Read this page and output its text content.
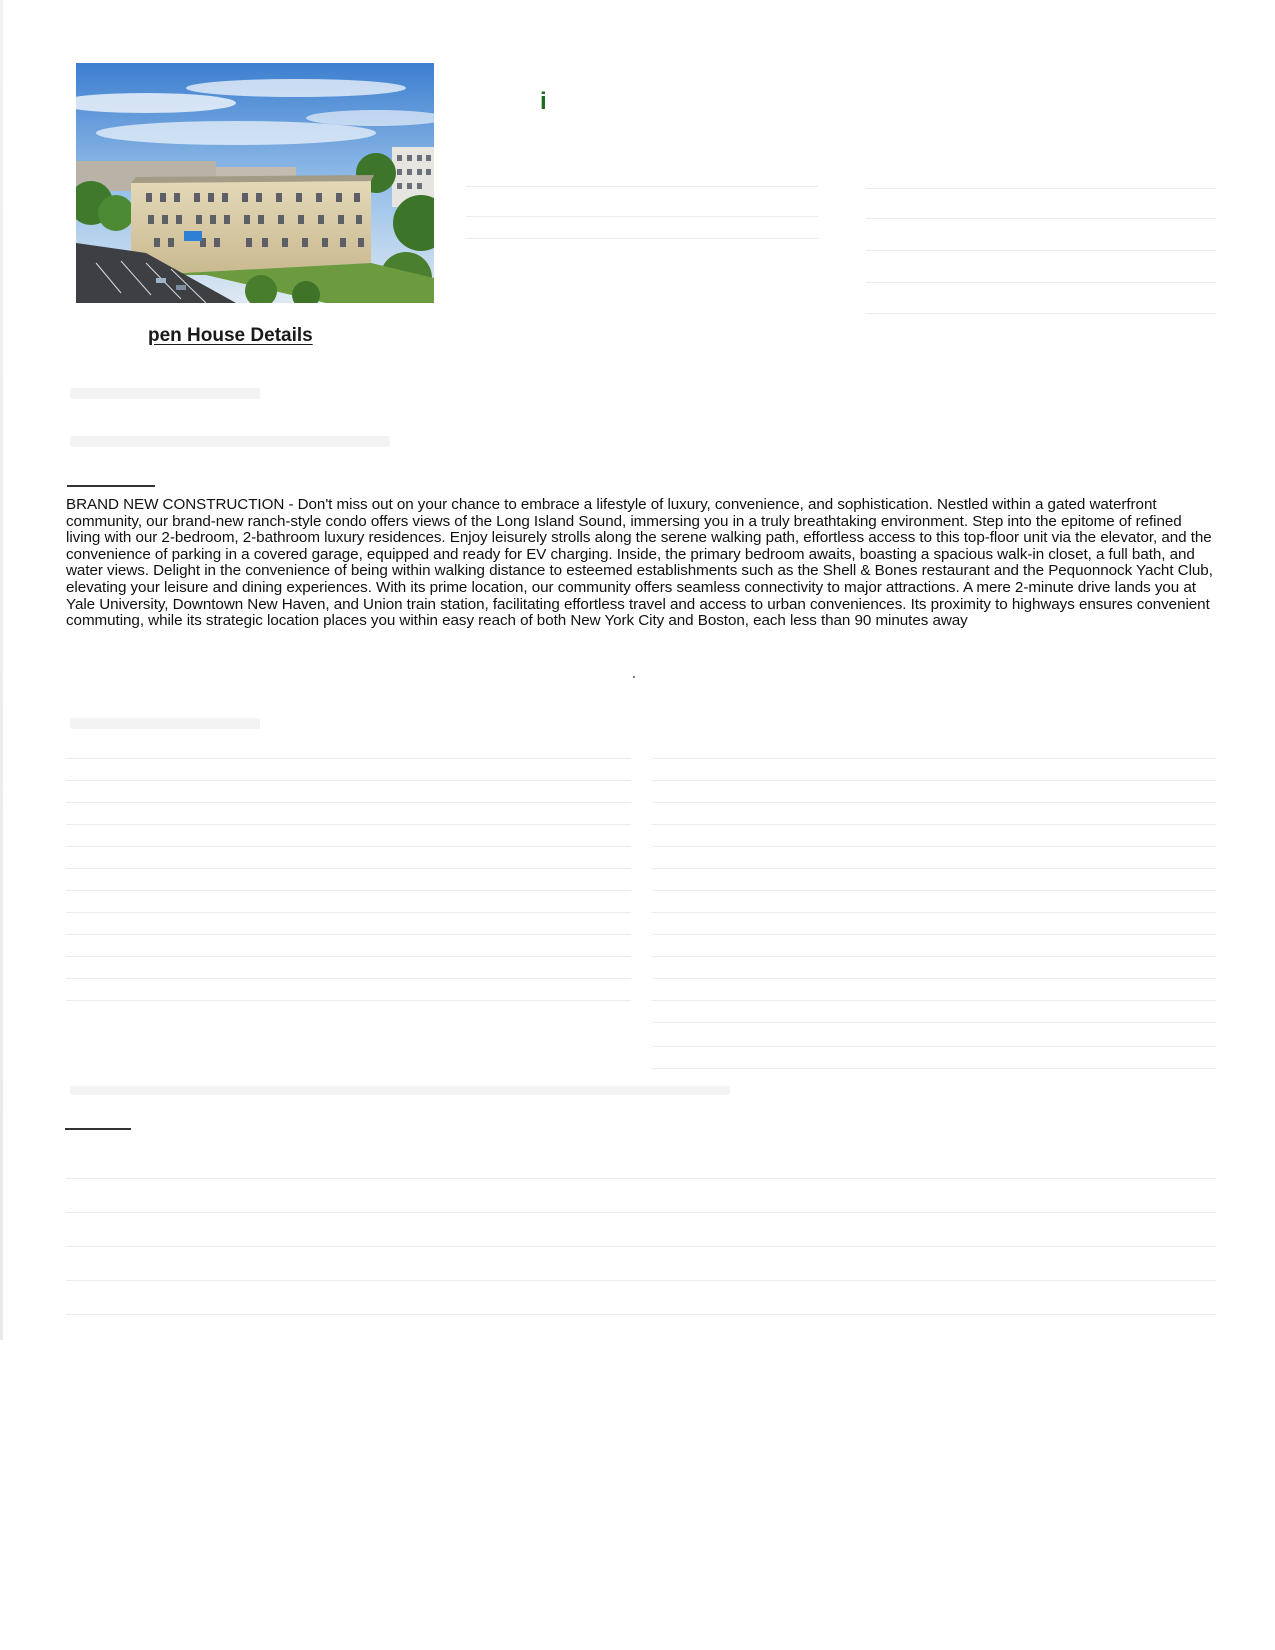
i
pen House Details
BRAND NEW CONSTRUCTION - Don't miss out on your chance to embrace a lifestyle of luxury, convenience, and sophistication. Nestled within a gated waterfront community, our brand-new ranch-style condo offers views of the Long Island Sound, immersing you in a truly breathtaking environment. Step into the epitome of refined living with our 2-bedroom, 2-bathroom luxury residences. Enjoy leisurely strolls along the serene walking path, effortless access to this top-floor unit via the elevator, and the convenience of parking in a covered garage, equipped and ready for EV charging. Inside, the primary bedroom awaits, boasting a spacious walk-in closet, a full bath, and water views. Delight in the convenience of being within walking distance to esteemed establishments such as the Shell & Bones restaurant and the Pequonnock Yacht Club, elevating your leisure and dining experiences. With its prime location, our community offers seamless connectivity to major attractions. A mere 2-minute drive lands you at Yale University, Downtown New Haven, and Union train station, facilitating effortless travel and access to urban conveniences. Its proximity to highways ensures convenient commuting, while its strategic location places you within easy reach of both New York City and Boston, each less than 90 minutes away
